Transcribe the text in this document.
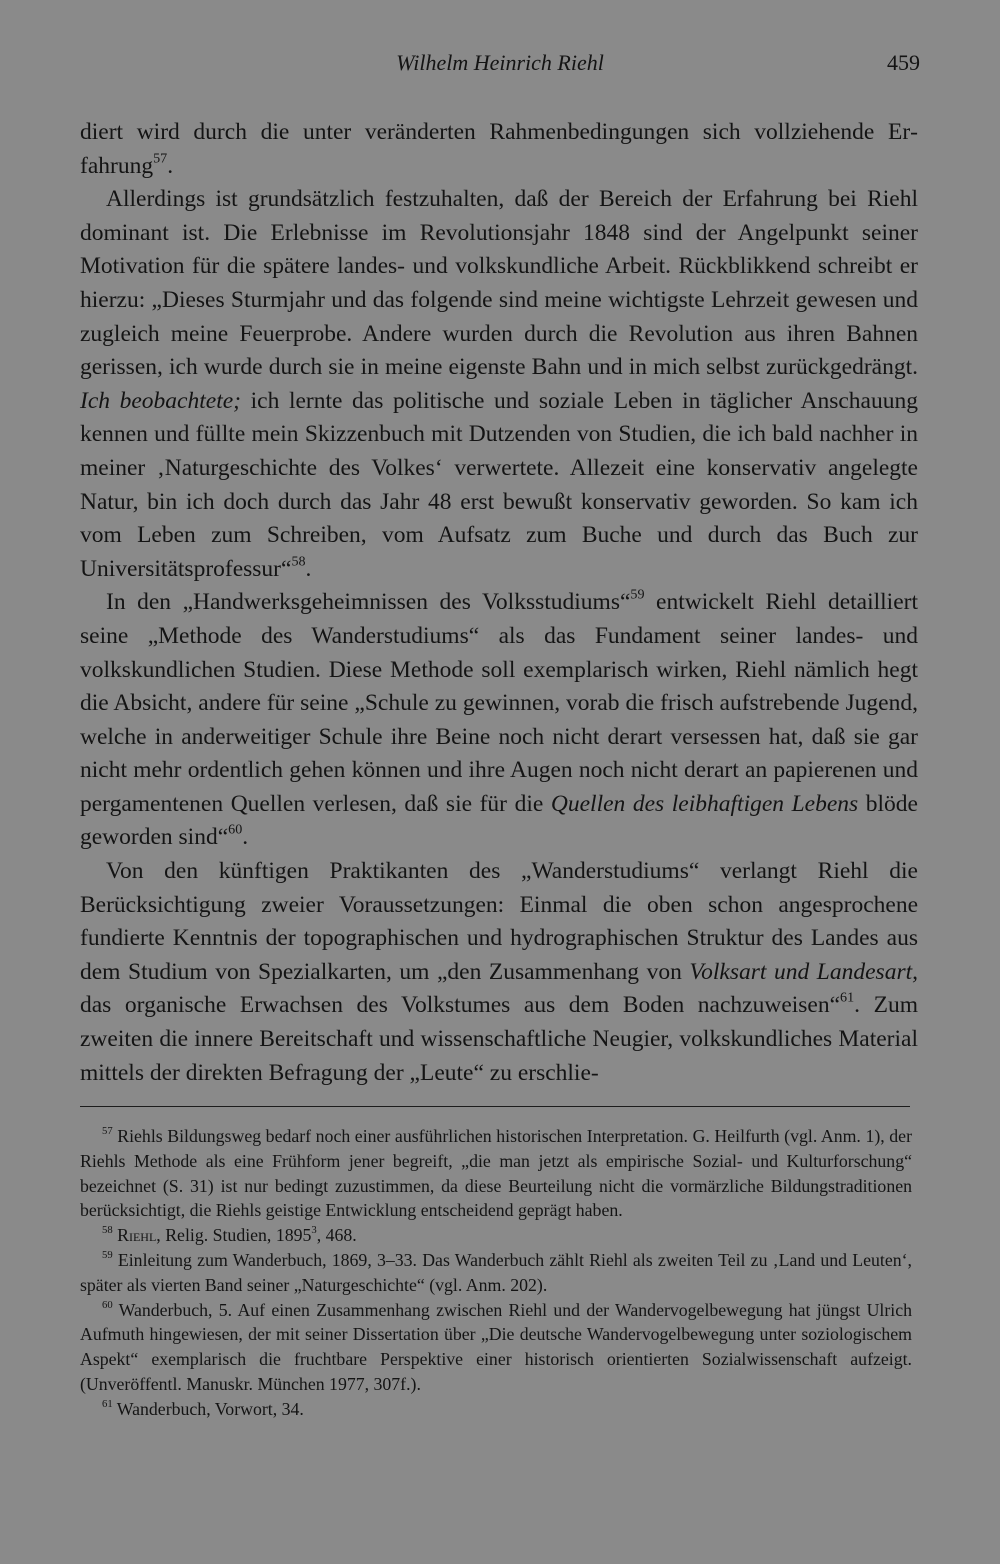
Wilhelm Heinrich Riehl	459

diert wird durch die unter veränderten Rahmenbedingungen sich vollziehende Erfahrung$^{57}$.

Allerdings ist grundsätzlich festzuhalten, daß der Bereich der Erfahrung bei Riehl dominant ist. Die Erlebnisse im Revolutionsjahr 1848 sind der Angelpunkt seiner Motivation für die spätere landes- und volkskundliche Arbeit. Rückblikkend schreibt er hierzu: „Dieses Sturmjahr und das folgende sind meine wichtigste Lehrzeit gewesen und zugleich meine Feuerprobe. Andere wurden durch die Revolution aus ihren Bahnen gerissen, ich wurde durch sie in meine eigenste Bahn und in mich selbst zurückgedrängt. Ich beobachtete; ich lernte das politische und soziale Leben in täglicher Anschauung kennen und füllte mein Skizzenbuch mit Dutzenden von Studien, die ich bald nachher in meiner ‚Naturgeschichte des Volkes‘ verwertete. Allezeit eine konservativ angelegte Natur, bin ich doch durch das Jahr 48 erst bewußt konservativ geworden. So kam ich vom Leben zum Schreiben, vom Aufsatz zum Buche und durch das Buch zur Universitätsprofessur“$^{58}$.

In den „Handwerksgeheimnissen des Volksstudiums“$^{59}$ entwickelt Riehl detailliert seine „Methode des Wanderstudiums“ als das Fundament seiner landes- und volkskundlichen Studien. Diese Methode soll exemplarisch wirken, Riehl nämlich hegt die Absicht, andere für seine „Schule zu gewinnen, vorab die frisch aufstrebende Jugend, welche in anderweitiger Schule ihre Beine noch nicht derart versessen hat, daß sie gar nicht mehr ordentlich gehen können und ihre Augen noch nicht derart an papierenen und pergamentenen Quellen verlesen, daß sie für die Quellen des leibhaftigen Lebens blöde geworden sind“$^{60}$.

Von den künftigen Praktikanten des „Wanderstudiums“ verlangt Riehl die Berücksichtigung zweier Voraussetzungen: Einmal die oben schon angesprochene fundierte Kenntnis der topographischen und hydrographischen Struktur des Landes aus dem Studium von Spezialkarten, um „den Zusammenhang von Volksart und Landesart, das organische Erwachsen des Volkstumes aus dem Boden nachzuweisen“$^{61}$. Zum zweiten die innere Bereitschaft und wissenschaftliche Neugier, volkskundliches Material mittels der direkten Befragung der „Leute“ zu erschlie-

$^{57}$ Riehls Bildungsweg bedarf noch einer ausführlichen historischen Interpretation. G. Heilfurth (vgl. Anm. 1), der Riehls Methode als eine Frühform jener begreift, „die man jetzt als empirische Sozial- und Kulturforschung“ bezeichnet (S. 31) ist nur bedingt zuzustimmen, da diese Beurteilung nicht die vormärzliche Bildungstraditionen berücksichtigt, die Riehls geistige Entwicklung entscheidend geprägt haben.

$^{58}$ Riehl, Relig. Studien, 1895$^3$, 468.

$^{59}$ Einleitung zum Wanderbuch, 1869, 3–33. Das Wanderbuch zählt Riehl als zweiten Teil zu ‚Land und Leuten‘, später als vierten Band seiner „Naturgeschichte“ (vgl. Anm. 202).

$^{60}$ Wanderbuch, 5. Auf einen Zusammenhang zwischen Riehl und der Wandervogelbewegung hat jüngst Ulrich Aufmuth hingewiesen, der mit seiner Dissertation über „Die deutsche Wandervogelbewegung unter soziologischem Aspekt“ exemplarisch die fruchtbare Perspektive einer historisch orientierten Sozialwissenschaft aufzeigt. (Unveröffentl. Manuskr. München 1977, 307f.).

$^{61}$ Wanderbuch, Vorwort, 34.
